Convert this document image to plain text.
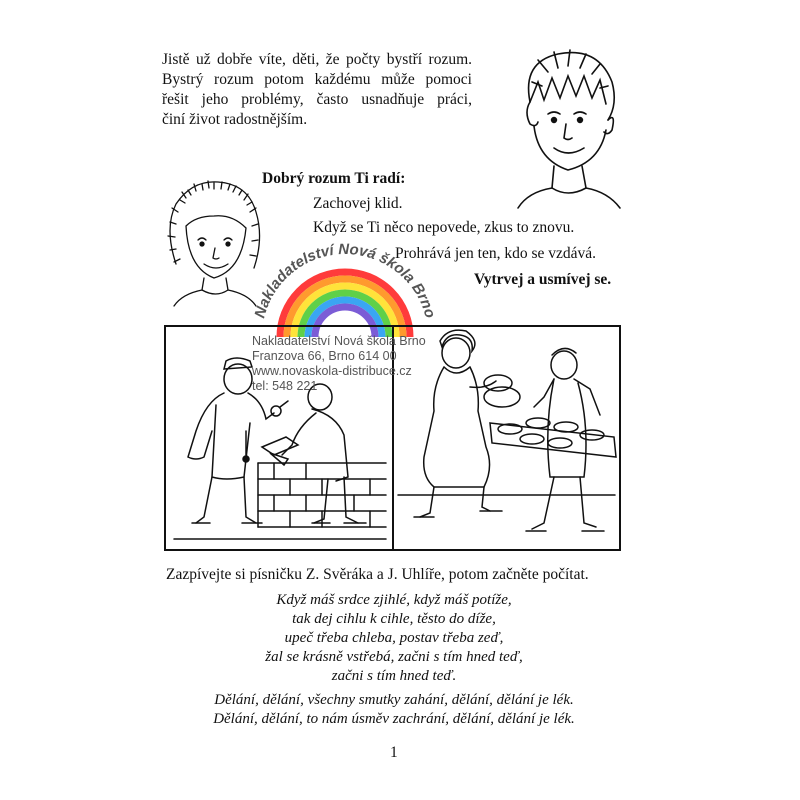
Jistě už dobře víte, děti, že počty bystří rozum.
Bystrý rozum potom každému může pomoci
řešit jeho problémy, často usnadňuje práci,
činí život radostnějším.
Dobrý rozum Ti radí:
Zachovej klid.
Když se Ti něco nepovede, zkus to znovu.
Prohrává jen ten, kdo se vzdává.
Vytrvej a usmívej se.
Nakladatelství Nová škola Brno
Nakladatelství Nová škola Brno
Franzova 66, Brno 614 00
www.novaskola-distribuce.cz
tel: 548 221
Zazpívejte si písničku Z. Svěráka a J. Uhlíře, potom začněte počítat.
Když máš srdce zjihlé, když máš potíže,
tak dej cihlu k cihle, těsto do díže,
upeč třeba chleba, postav třeba zeď,
žal se krásně vstřebá, začni s tím hned teď,
začni s tím hned teď.
Dělání, dělání, všechny smutky zahání, dělání, dělání je lék.
Dělání, dělání, to nám úsměv zachrání, dělání, dělání je lék.
1
